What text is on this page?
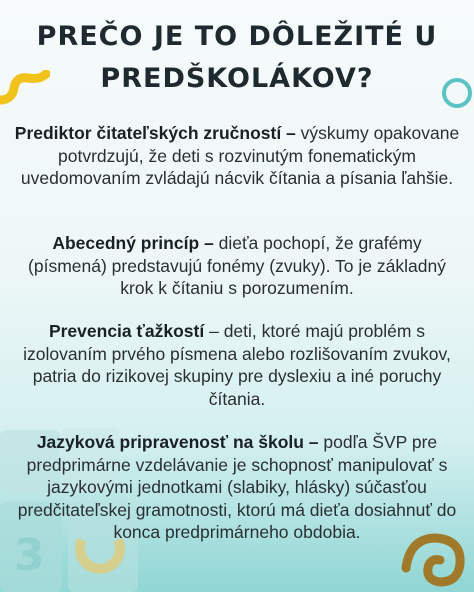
3
PREČO JE TO DÔLEŽITÉ U PREDŠKOLÁKOV?
Prediktor čitateľských zručností – výskumy opakovane potvrdzujú, že deti s rozvinutým fonematickým uvedomovaním zvládajú nácvik čítania a písania ľahšie.
Abecedný princíp – dieťa pochopí, že grafémy (písmená) predstavujú fonémy (zvuky). To je základný krok k čítaniu s porozumením.
Prevencia ťažkostí – deti, ktoré majú problém s izolovaním prvého písmena alebo rozlišovaním zvukov, patria do rizikovej skupiny pre dyslexiu a iné poruchy čítania.
Jazyková pripravenosť na školu – podľa ŠVP pre predprimárne vzdelávanie je schopnosť manipulovať s jazykovými jednotkami (slabiky, hlásky) súčasťou predčitateľskej gramotnosti, ktorú má dieťa dosiahnuť do konca predprimárneho obdobia.
